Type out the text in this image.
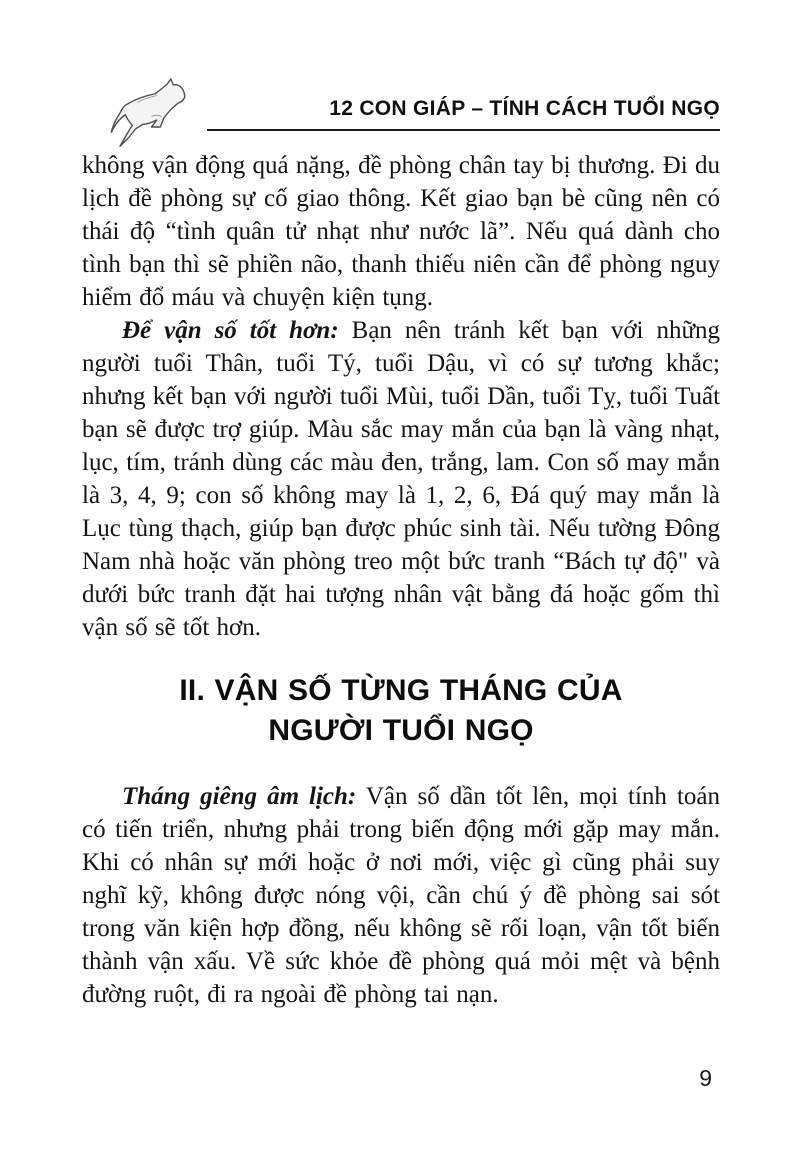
12 CON GIÁP – TÍNH CÁCH TUỔI NGỌ

không vận động quá nặng, đề phòng chân tay bị thương. Đi du lịch đề phòng sự cố giao thông. Kết giao bạn bè cũng nên có thái độ “tình quân tử nhạt như nước lã”. Nếu quá dành cho tình bạn thì sẽ phiền não, thanh thiếu niên cần để phòng nguy hiểm đổ máu và chuyện kiện tụng.

Để vận số tốt hơn: Bạn nên tránh kết bạn với những người tuổi Thân, tuổi Tý, tuổi Dậu, vì có sự tương khắc; nhưng kết bạn với người tuổi Mùi, tuổi Dần, tuổi Tỵ, tuổi Tuất bạn sẽ được trợ giúp. Màu sắc may mắn của bạn là vàng nhạt, lục, tím, tránh dùng các màu đen, trắng, lam. Con số may mắn là 3, 4, 9; con số không may là 1, 2, 6, Đá quý may mắn là Lục tùng thạch, giúp bạn được phúc sinh tài. Nếu tường Đông Nam nhà hoặc văn phòng treo một bức tranh “Bách tự độ" và dưới bức tranh đặt hai tượng nhân vật bằng đá hoặc gốm thì vận số sẽ tốt hơn.

II. VẬN SỐ TỪNG THÁNG CỦA
NGƯỜI TUỔI NGỌ

Tháng giêng âm lịch: Vận số dần tốt lên, mọi tính toán có tiến triển, nhưng phải trong biến động mới gặp may mắn. Khi có nhân sự mới hoặc ở nơi mới, việc gì cũng phải suy nghĩ kỹ, không được nóng vội, cần chú ý đề phòng sai sót trong văn kiện hợp đồng, nếu không sẽ rối loạn, vận tốt biến thành vận xấu. Về sức khỏe đề phòng quá mỏi mệt và bệnh đường ruột, đi ra ngoài đề phòng tai nạn.

9
